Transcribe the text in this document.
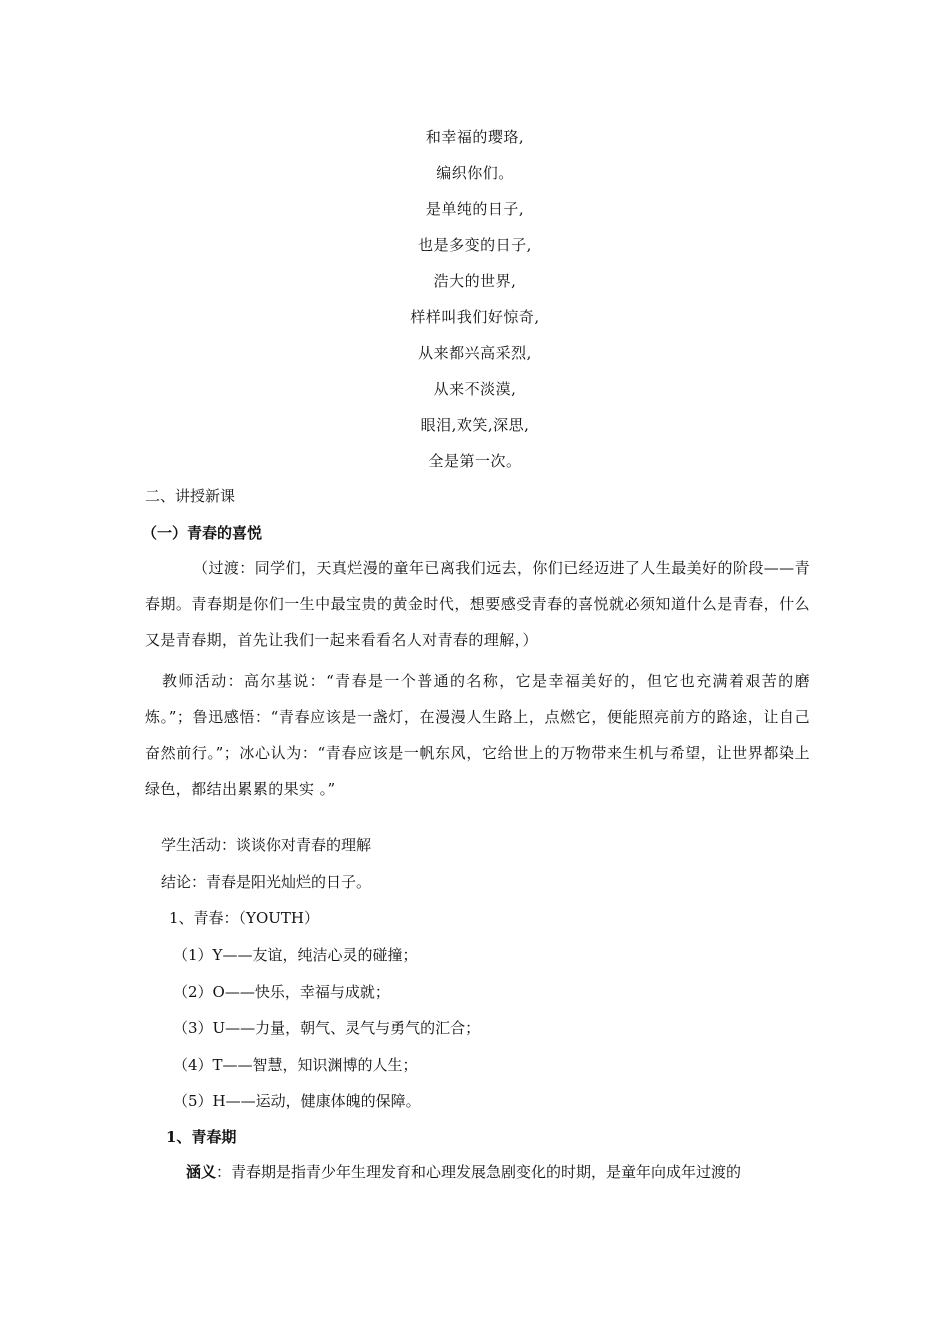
和幸福的璎珞,
编织你们。
是单纯的日子,
也是多变的日子,
浩大的世界,
样样叫我们好惊奇,
从来都兴高采烈,
从来不淡漠,
眼泪,欢笑,深思,
全是第一次。
二、讲授新课
（一）青春的喜悦
（过渡：同学们，天真烂漫的童年已离我们远去，你们已经迈进了人生最美好的阶段——青春期。青春期是你们一生中最宝贵的黄金时代，想要感受青春的喜悦就必须知道什么是青春，什么又是青春期，首先让我们一起来看看名人对青春的理解，）
教师活动：高尔基说：“青春是一个普通的名称，它是幸福美好的，但它也充满着艰苦的磨炼。”；鲁迅感悟：“青春应该是一盏灯，在漫漫人生路上，点燃它，便能照亮前方的路途，让自己奋然前行。”；冰心认为：“青春应该是一帆东风，它给世上的万物带来生机与希望，让世界都染上绿色，都结出累累的果实 。”
学生活动：谈谈你对青春的理解
结论：青春是阳光灿烂的日子。
1、青春：（YOUTH）
（1）Y——友谊，纯洁心灵的碰撞；
（2）O——快乐，幸福与成就；
（3）U——力量，朝气、灵气与勇气的汇合；
（4）T——智慧，知识渊博的人生；
（5）H——运动，健康体魄的保障。
1、青春期
涵义：青春期是指青少年生理发育和心理发展急剧变化的时期，是童年向成年过渡的
